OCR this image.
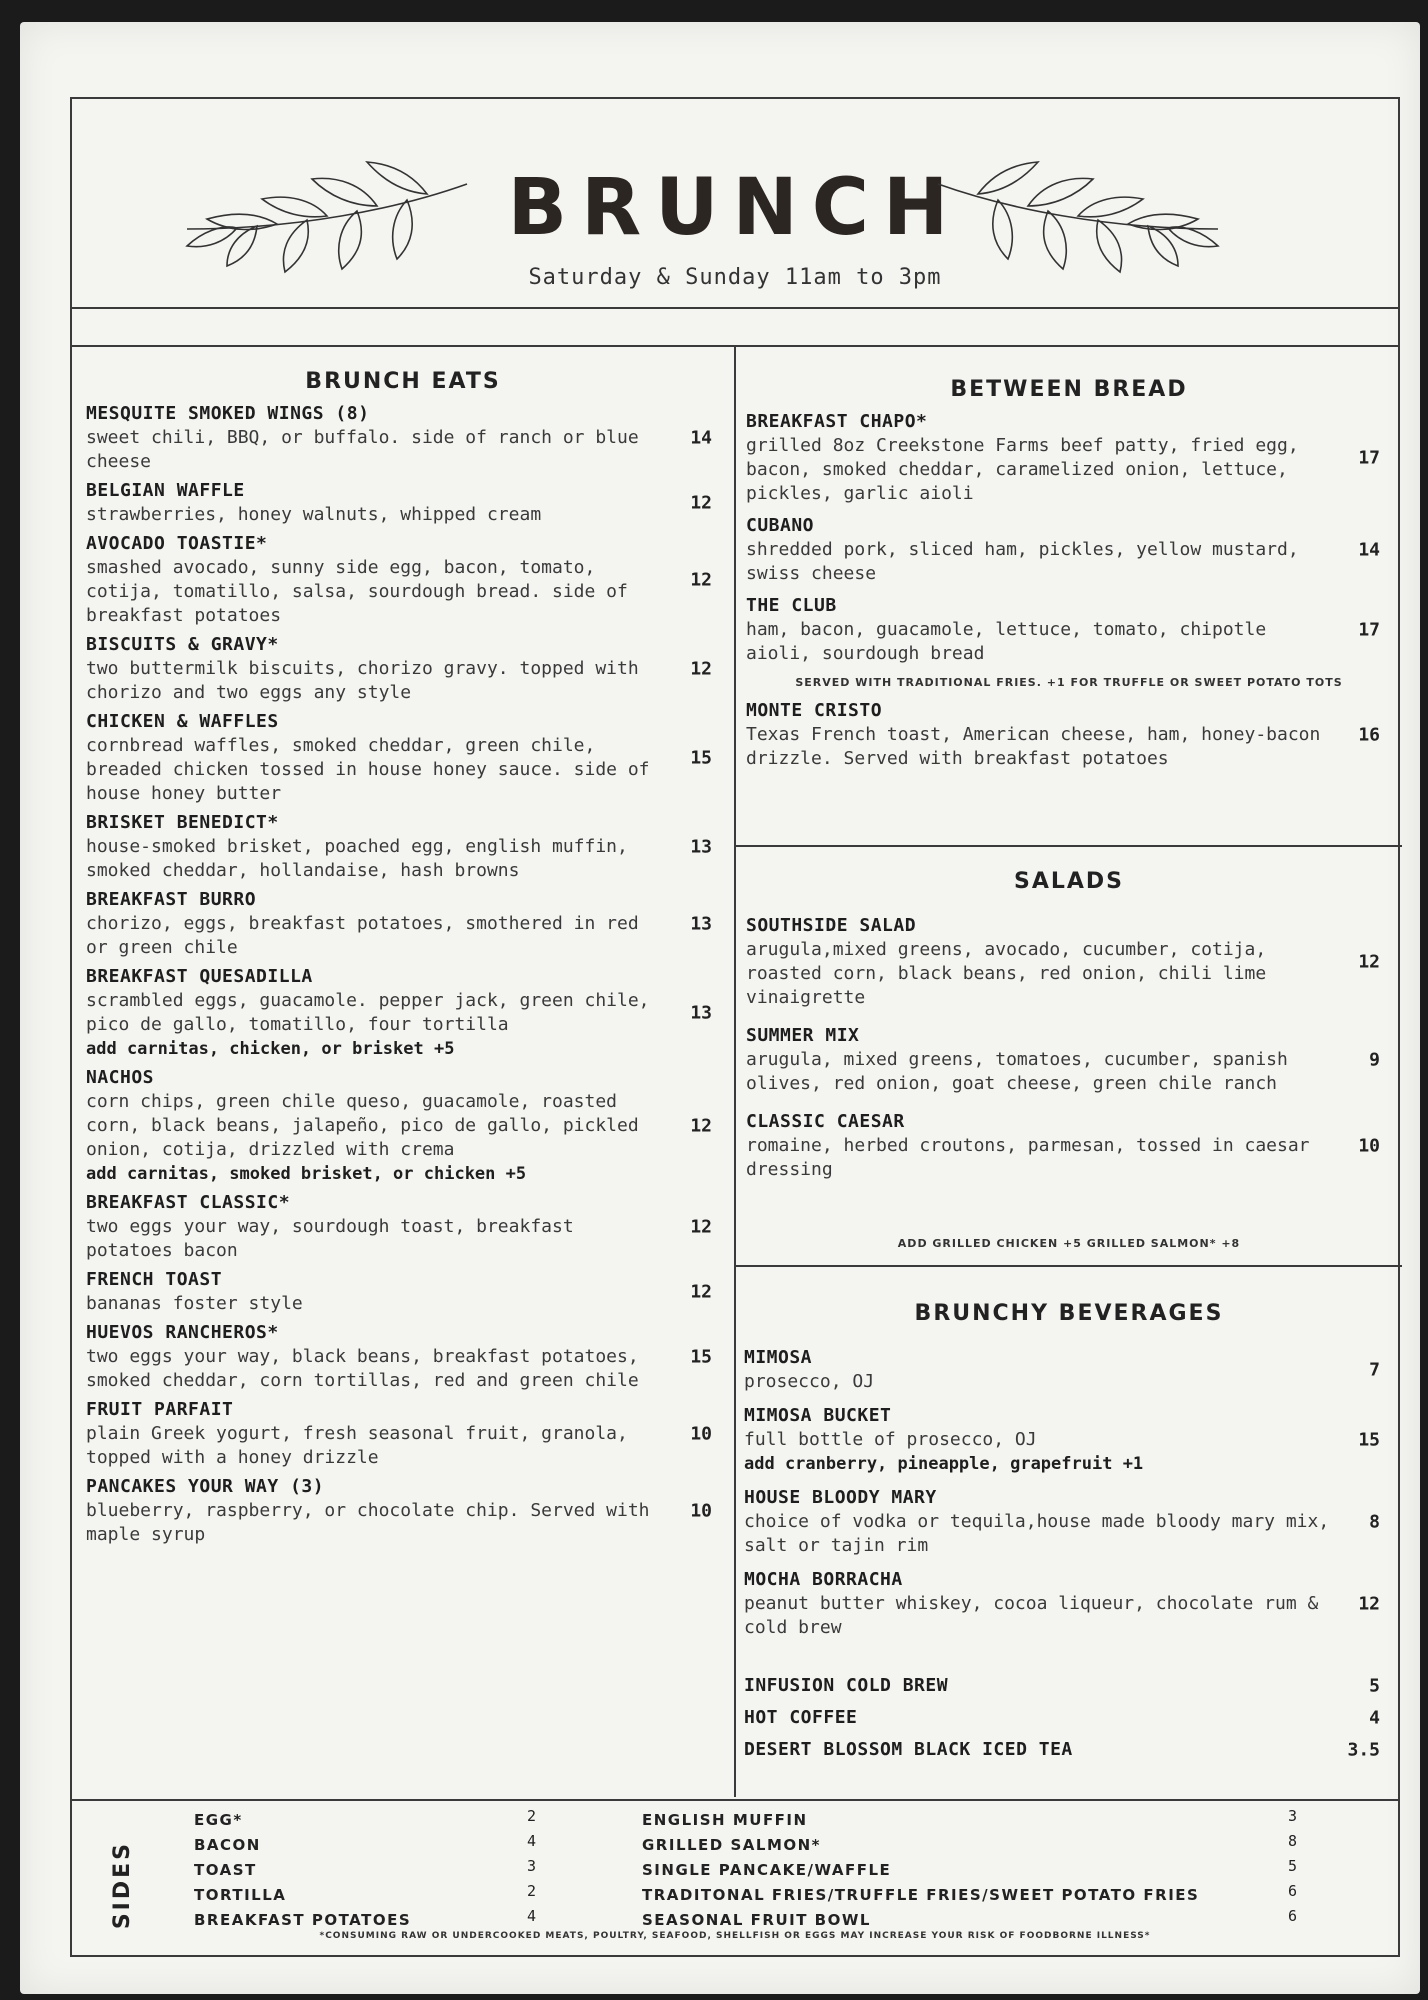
BRUNCH
Saturday & Sunday 11am to 3pm
BRUNCH EATS
MESQUITE SMOKED WINGS (8)
sweet chili, BBQ, or buffalo. side of ranch or blue cheese
14
BELGIAN WAFFLE
strawberries, honey walnuts, whipped cream
12
AVOCADO TOASTIE*
smashed avocado, sunny side egg, bacon, tomato, cotija, tomatillo, salsa, sourdough bread. side of breakfast potatoes
12
BISCUITS & GRAVY*
two buttermilk biscuits, chorizo gravy. topped with chorizo and two eggs any style
12
CHICKEN & WAFFLES
cornbread waffles, smoked cheddar, green chile, breaded chicken tossed in house honey sauce. side of house honey butter
15
BRISKET BENEDICT*
house-smoked brisket, poached egg, english muffin, smoked cheddar, hollandaise, hash browns
13
BREAKFAST BURRO
chorizo, eggs, breakfast potatoes, smothered in red or green chile
13
BREAKFAST QUESADILLA
scrambled eggs, guacamole. pepper jack, green chile, pico de gallo, tomatillo, four tortilla
add carnitas, chicken, or brisket +5
13
NACHOS
corn chips, green chile queso, guacamole, roasted corn, black beans, jalapeño, pico de gallo, pickled onion, cotija, drizzled with crema
add carnitas, smoked brisket, or chicken +5
12
BREAKFAST CLASSIC*
two eggs your way, sourdough toast, breakfast potatoes bacon
12
FRENCH TOAST
bananas foster style
12
HUEVOS RANCHEROS*
two eggs your way, black beans, breakfast potatoes, smoked cheddar, corn tortillas, red and green chile
15
FRUIT PARFAIT
plain Greek yogurt, fresh seasonal fruit, granola, topped with a honey drizzle
10
PANCAKES YOUR WAY (3)
blueberry, raspberry, or chocolate chip. Served with maple syrup
10
BETWEEN BREAD
BREAKFAST CHAPO*
grilled 8oz Creekstone Farms beef patty, fried egg, bacon, smoked cheddar, caramelized onion, lettuce, pickles, garlic aioli
17
CUBANO
shredded pork, sliced ham, pickles, yellow mustard, swiss cheese
14
THE CLUB
ham, bacon, guacamole, lettuce, tomato, chipotle aioli, sourdough bread
17
SERVED WITH TRADITIONAL FRIES. +1 FOR TRUFFLE OR SWEET POTATO TOTS
MONTE CRISTO
Texas French toast, American cheese, ham, honey-bacon drizzle. Served with breakfast potatoes
16
SALADS
SOUTHSIDE SALAD
arugula,mixed greens, avocado, cucumber, cotija, roasted corn, black beans, red onion, chili lime vinaigrette
12
SUMMER MIX
arugula, mixed greens, tomatoes, cucumber, spanish olives, red onion, goat cheese, green chile ranch
9
CLASSIC CAESAR
romaine, herbed croutons, parmesan, tossed in caesar dressing
10
ADD GRILLED CHICKEN +5 GRILLED SALMON* +8
BRUNCHY BEVERAGES
MIMOSA
prosecco, OJ
7
MIMOSA BUCKET
full bottle of prosecco, OJ
add cranberry, pineapple, grapefruit +1
15
HOUSE BLOODY MARY
choice of vodka or tequila,house made bloody mary mix, salt or tajin rim
8
MOCHA BORRACHA
peanut butter whiskey, cocoa liqueur, chocolate rum & cold brew
12
INFUSION COLD BREW	5
HOT COFFEE	4
DESERT BLOSSOM BLACK ICED TEA	3.5
SIDES
EGG*	2
BACON	4
TOAST	3
TORTILLA	2
BREAKFAST POTATOES	4
ENGLISH MUFFIN	3
GRILLED SALMON*	8
SINGLE PANCAKE/WAFFLE	5
TRADITONAL FRIES/TRUFFLE FRIES/SWEET POTATO FRIES	6
SEASONAL FRUIT BOWL	6
*CONSUMING RAW OR UNDERCOOKED MEATS, POULTRY, SEAFOOD, SHELLFISH OR EGGS MAY INCREASE YOUR RISK OF FOODBORNE ILLNESS*
